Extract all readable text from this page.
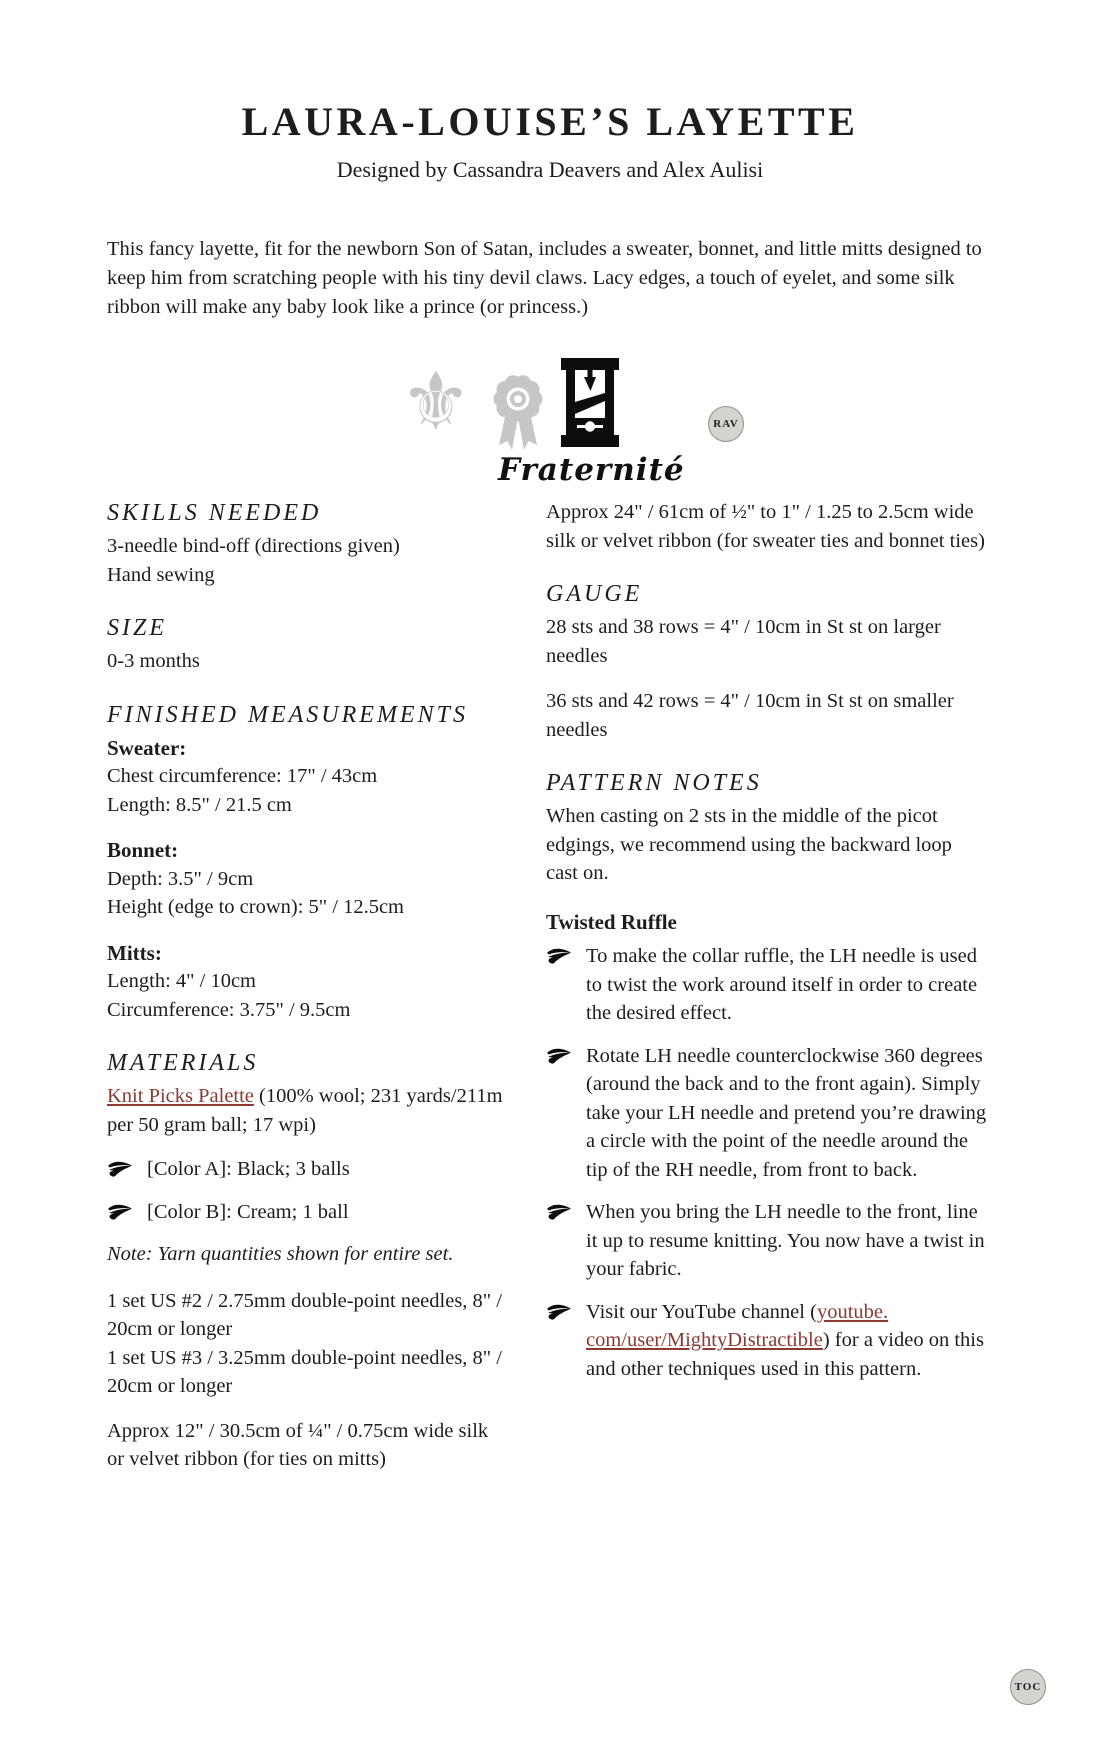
LAURA-LOUISE’S LAYETTE
Designed by Cassandra Deavers and Alex Aulisi

This fancy layette, fit for the newborn Son of Satan, includes a sweater, bonnet, and little mitts designed to keep him from scratching people with his tiny devil claws. Lacy edges, a touch of eyelet, and some silk ribbon will make any baby look like a prince (or princess.)

⚜
Fraternité
RAV
SKILLS NEEDED
3-needle bind-off (directions given)
Hand sewing
SIZE
0-3 months
FINISHED MEASUREMENTS
Sweater:
Chest circumference: 17" / 43cm
Length: 8.5" / 21.5 cm
Bonnet:
Depth: 3.5" / 9cm
Height (edge to crown): 5" / 12.5cm
Mitts:
Length: 4" / 10cm
Circumference: 3.75" / 9.5cm
MATERIALS
Knit Picks Palette (100% wool; 231 yards/211m per 50 gram ball; 17 wpi)
[Color A]: Black; 3 balls
[Color B]: Cream; 1 ball
Note: Yarn quantities shown for entire set.
1 set US #2 / 2.75mm double-point needles, 8" / 20cm or longer
1 set US #3 / 3.25mm double-point needles, 8" / 20cm or longer
Approx 12" / 30.5cm of ¼" / 0.75cm wide silk or velvet ribbon (for ties on mitts)
Approx 24" / 61cm of ½" to 1" / 1.25 to 2.5cm wide silk or velvet ribbon (for sweater ties and bonnet ties)
GAUGE
28 sts and 38 rows = 4" / 10cm in St st on larger needles
36 sts and 42 rows = 4" / 10cm in St st on smaller needles
PATTERN NOTES
When casting on 2 sts in the middle of the picot edgings, we recommend using the backward loop cast on.
Twisted Ruffle
To make the collar ruffle, the LH needle is used to twist the work around itself in order to create the desired effect.
Rotate LH needle counterclockwise 360 degrees (around the back and to the front again). Simply take your LH needle and pretend you’re drawing a circle with the point of the needle around the tip of the RH needle, from front to back.
When you bring the LH needle to the front, line it up to resume knitting. You now have a twist in your fabric.
Visit our YouTube channel (youtube.com/user/MightyDistractible) for a video on this and other techniques used in this pattern.
TOC
